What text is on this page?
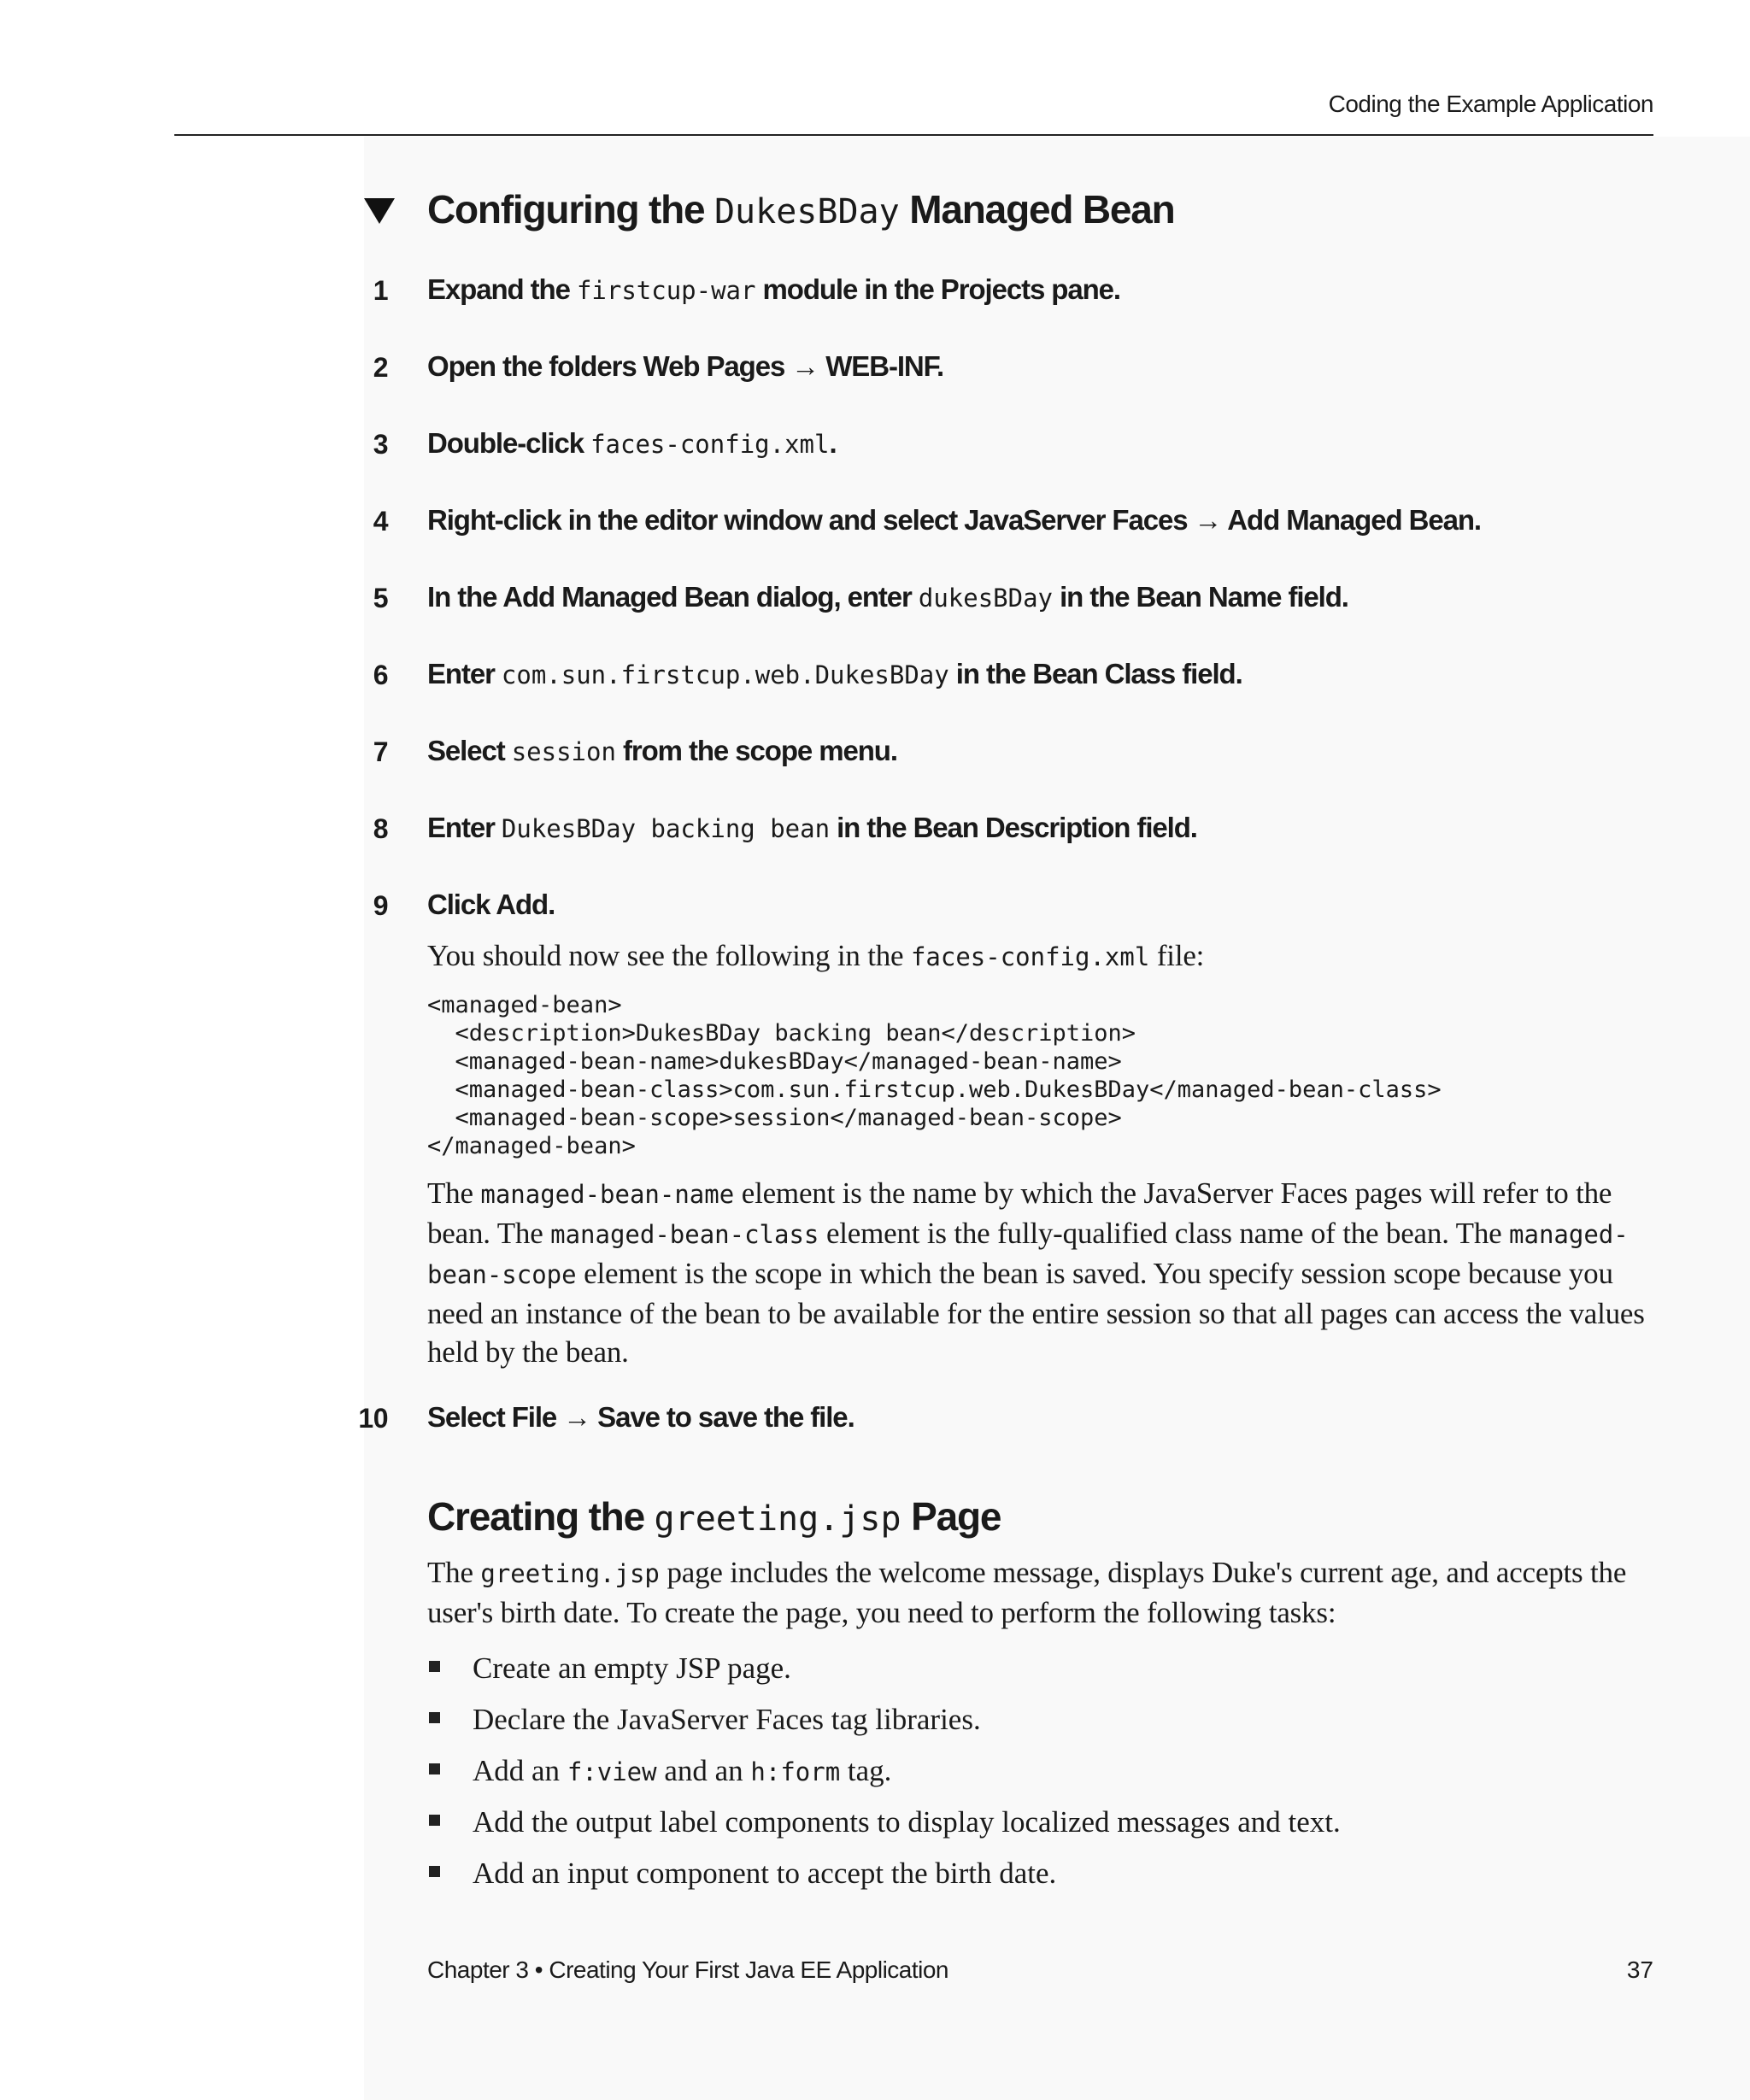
Coding the Example Application
Configuring the DukesBDay Managed Bean
1 Expand the firstcup-war module in the Projects pane.
2 Open the folders Web Pages → WEB-INF.
3 Double-click faces-config.xml.
4 Right-click in the editor window and select JavaServer Faces → Add Managed Bean.
5 In the Add Managed Bean dialog, enter dukesBDay in the Bean Name field.
6 Enter com.sun.firstcup.web.DukesBDay in the Bean Class field.
7 Select session from the scope menu.
8 Enter DukesBDay backing bean in the Bean Description field.
9 Click Add.
You should now see the following in the faces-config.xml file:
<managed-bean>
<description>DukesBDay backing bean</description>
<managed-bean-name>dukesBDay</managed-bean-name>
<managed-bean-class>com.sun.firstcup.web.DukesBDay</managed-bean-class>
<managed-bean-scope>session</managed-bean-scope>
</managed-bean>
The managed-bean-name element is the name by which the JavaServer Faces pages will refer to the bean. The managed-bean-class element is the fully-qualified class name of the bean. The managed-bean-scope element is the scope in which the bean is saved. You specify session scope because you need an instance of the bean to be available for the entire session so that all pages can access the values held by the bean.
10 Select File → Save to save the file.
Creating the greeting.jsp Page
The greeting.jsp page includes the welcome message, displays Duke's current age, and accepts the user's birth date. To create the page, you need to perform the following tasks:
Create an empty JSP page.
Declare the JavaServer Faces tag libraries.
Add an f:view and an h:form tag.
Add the output label components to display localized messages and text.
Add an input component to accept the birth date.
Chapter 3 • Creating Your First Java EE Application	37
